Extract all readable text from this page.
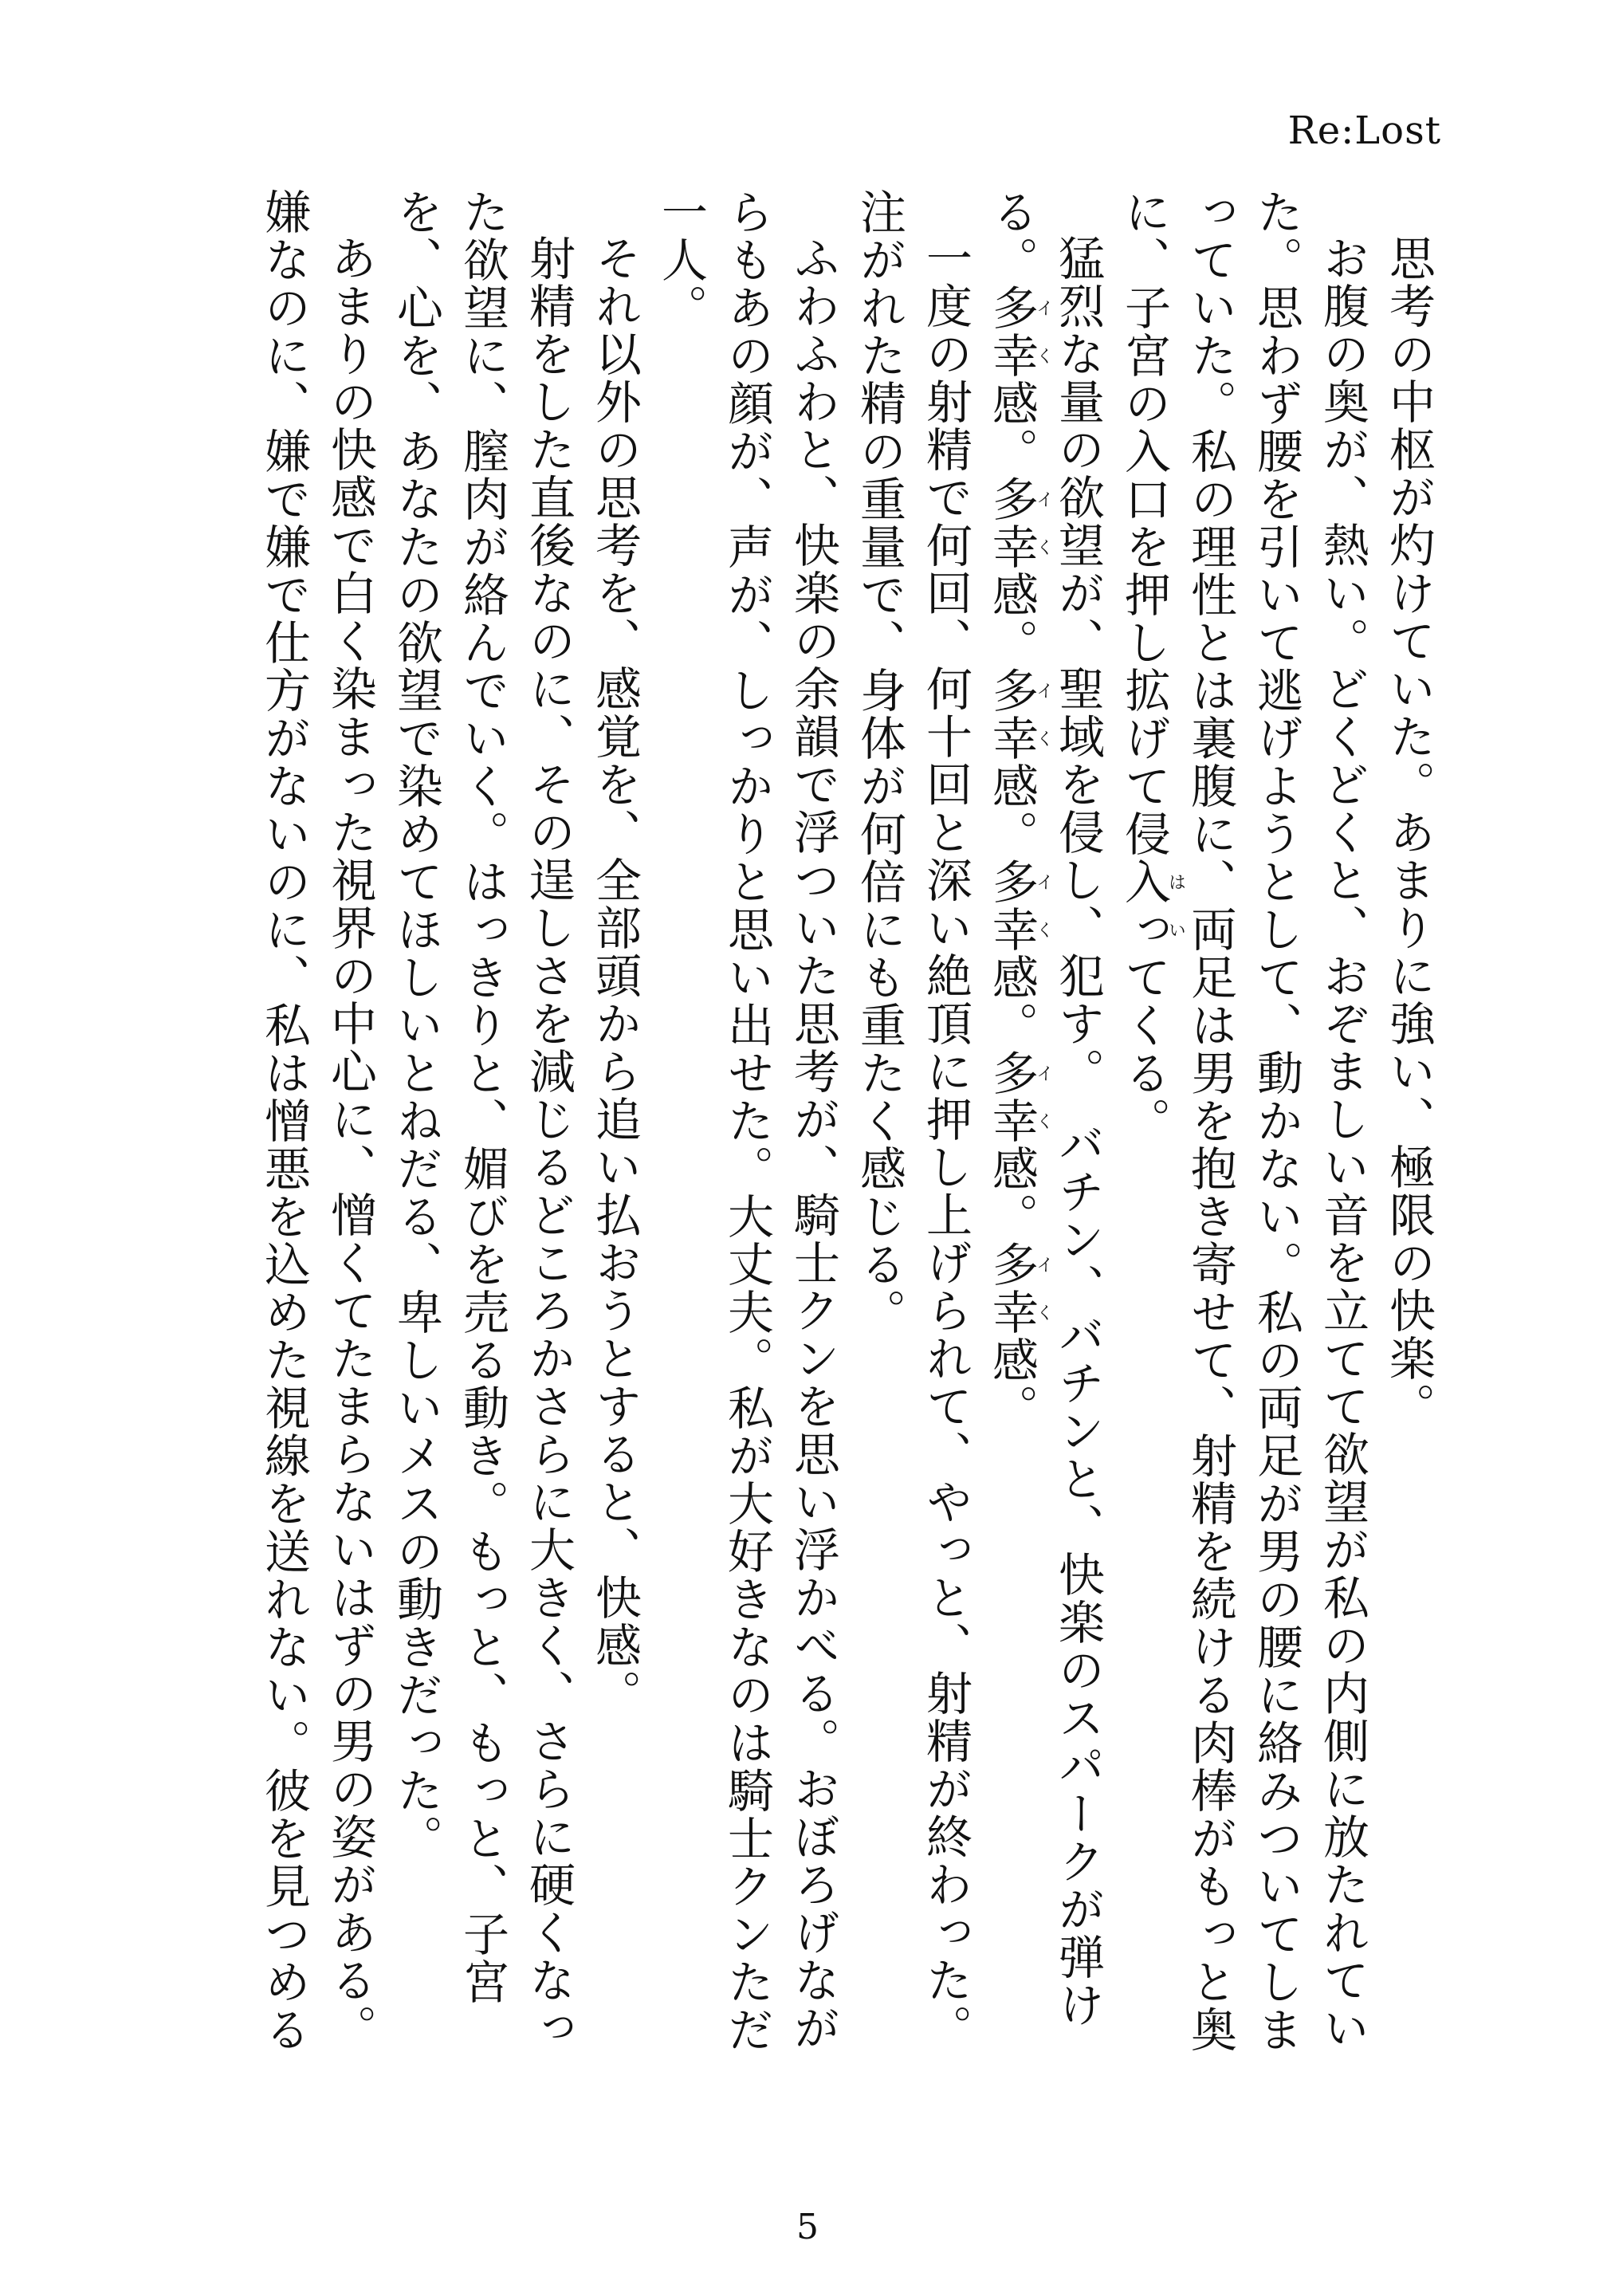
Re:Lost
思考の中枢が灼けていた。あまりに強い、極限の快楽。
お腹の奥が、熱い。どくどくと、おぞましい音を立てて欲望が私の内側に放たれていた。思わず腰を引いて逃げようとして、動かない。私の両足が男の腰に絡みついてしまっていた。私の理性とは裏腹に、両足は男を抱き寄せて、射精を続ける肉棒がもっと奥に、子宮の入口を押し拡げて侵入はっいてくる。
猛烈な量の欲望が、聖域を侵し、犯す。　バチン、バチンと、快楽のスパークが弾ける。多イ幸く感。多イ幸く感。多イ幸く感。多イ幸く感。多イ幸く感。多イ幸く感。
一度の射精で何回、何十回と深い絶頂に押し上げられて、やっと、射精が終わった。注がれた精の重量で、身体が何倍にも重たく感じる。
ふわふわと、快楽の余韻で浮ついた思考が、騎士クンを思い浮かべる。おぼろげながらもあの顔が、声が、しっかりと思い出せた。大丈夫。私が大好きなのは騎士クンただ一人。
それ以外の思考を、感覚を、全部頭から追い払おうとすると、快感。
射精をした直後なのに、その逞しさを減じるどころかさらに大きく、さらに硬くなった欲望に、膣肉が絡んでいく。はっきりと、媚びを売る動き。もっと、もっと、子宮を、心を、あなたの欲望で染めてほしいとねだる、卑しいメスの動きだった。
あまりの快感で白く染まった視界の中心に、憎くてたまらないはずの男の姿がある。嫌なのに、嫌で嫌で仕方がないのに、私は憎悪を込めた視線を送れない。彼を見つめる
5
